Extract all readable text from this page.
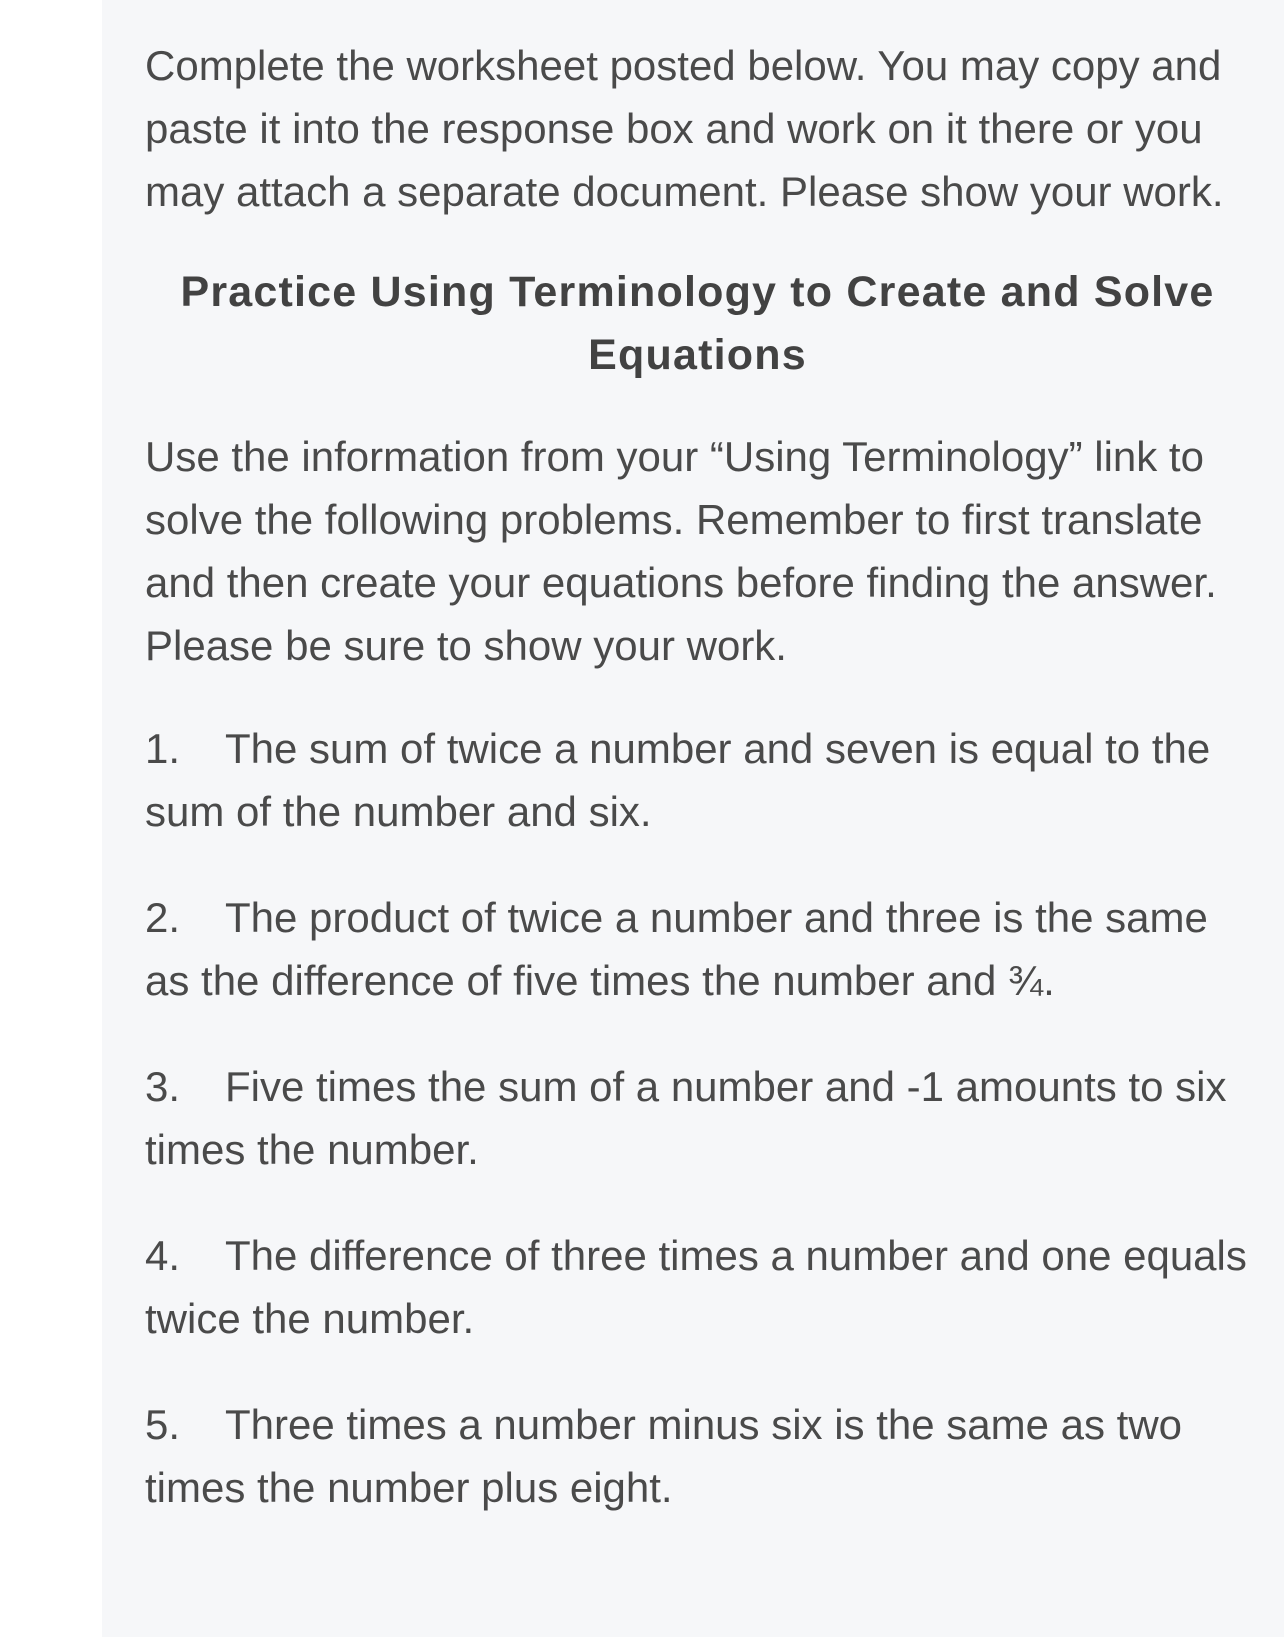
Complete the worksheet posted below. You may copy and paste it into the response box and work on it there or you may attach a separate document. Please show your work.

Practice Using Terminology to Create and Solve Equations

Use the information from your “Using Terminology” link to solve the following problems. Remember to first translate and then create your equations before finding the answer. Please be sure to show your work.

1. The sum of twice a number and seven is equal to the sum of the number and six.
2. The product of twice a number and three is the same as the difference of five times the number and ¾.
3. Five times the sum of a number and -1 amounts to six times the number.
4. The difference of three times a number and one equals twice the number.
5. Three times a number minus six is the same as two times the number plus eight.
